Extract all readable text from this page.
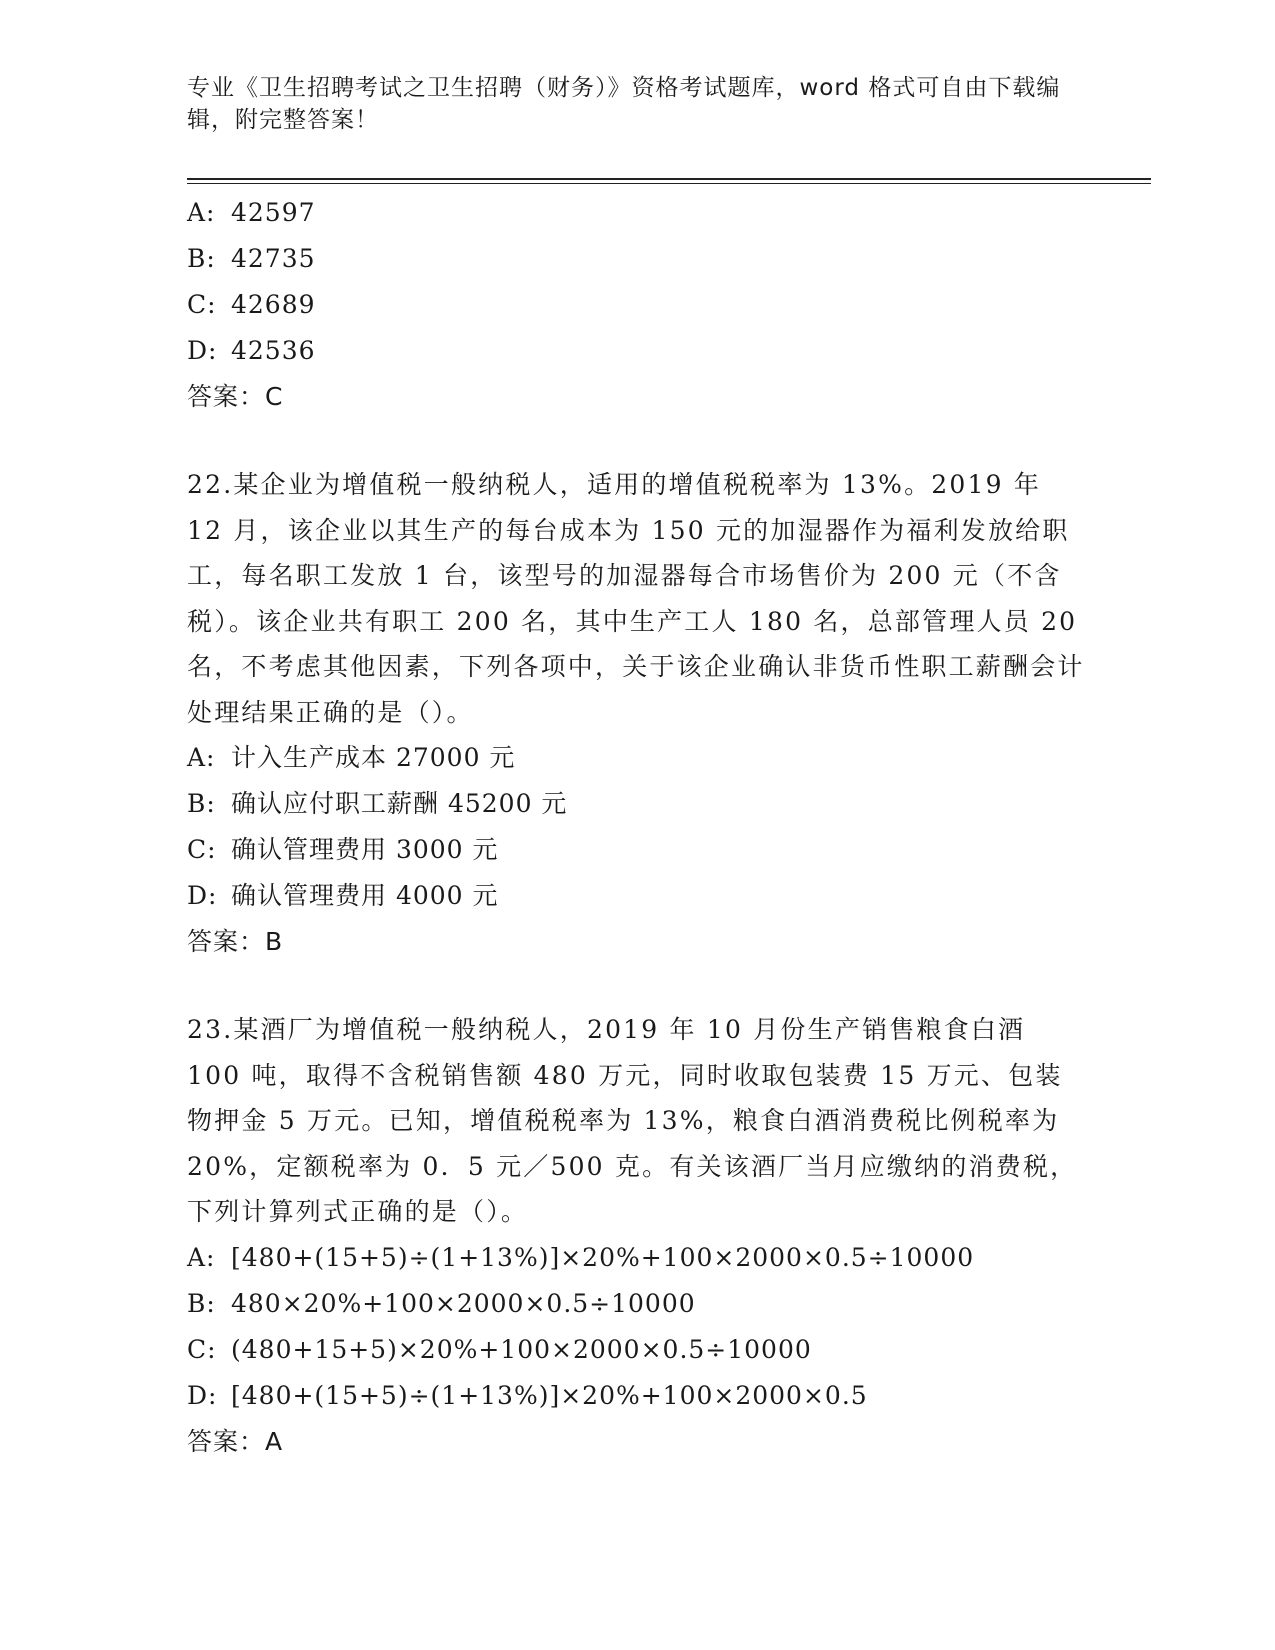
专业《卫生招聘考试之卫生招聘（财务）》资格考试题库，word 格式可自由下载编辑，附完整答案！
A: 42597
B: 42735
C: 42689
D: 42536
答案：C
22.某企业为增值税一般纳税人，适用的增值税税率为 13%。2019 年 12 月，该企业以其生产的每台成本为 150 元的加湿器作为福利发放给职工，每名职工发放 1 台，该型号的加湿器每合市场售价为 200 元（不含税）。该企业共有职工 200 名，其中生产工人 180 名，总部管理人员 20 名，不考虑其他因素，下列各项中，关于该企业确认非货币性职工薪酬会计处理结果正确的是（）。
A: 计入生产成本 27000 元
B: 确认应付职工薪酬 45200 元
C: 确认管理费用 3000 元
D: 确认管理费用 4000 元
答案：B
23.某酒厂为增值税一般纳税人，2019 年 10 月份生产销售粮食白酒 100 吨，取得不含税销售额 480 万元，同时收取包装费 15 万元、包装物押金 5 万元。已知，增值税税率为 13%，粮食白酒消费税比例税率为 20%，定额税率为 0．5 元／500 克。有关该酒厂当月应缴纳的消费税，下列计算列式正确的是（）。
A: [480+(15+5)÷(1+13%)]×20%+100×2000×0.5÷10000
B: 480×20%+100×2000×0.5÷10000
C: (480+15+5)×20%+100×2000×0.5÷10000
D: [480+(15+5)÷(1+13%)]×20%+100×2000×0.5
答案：A
